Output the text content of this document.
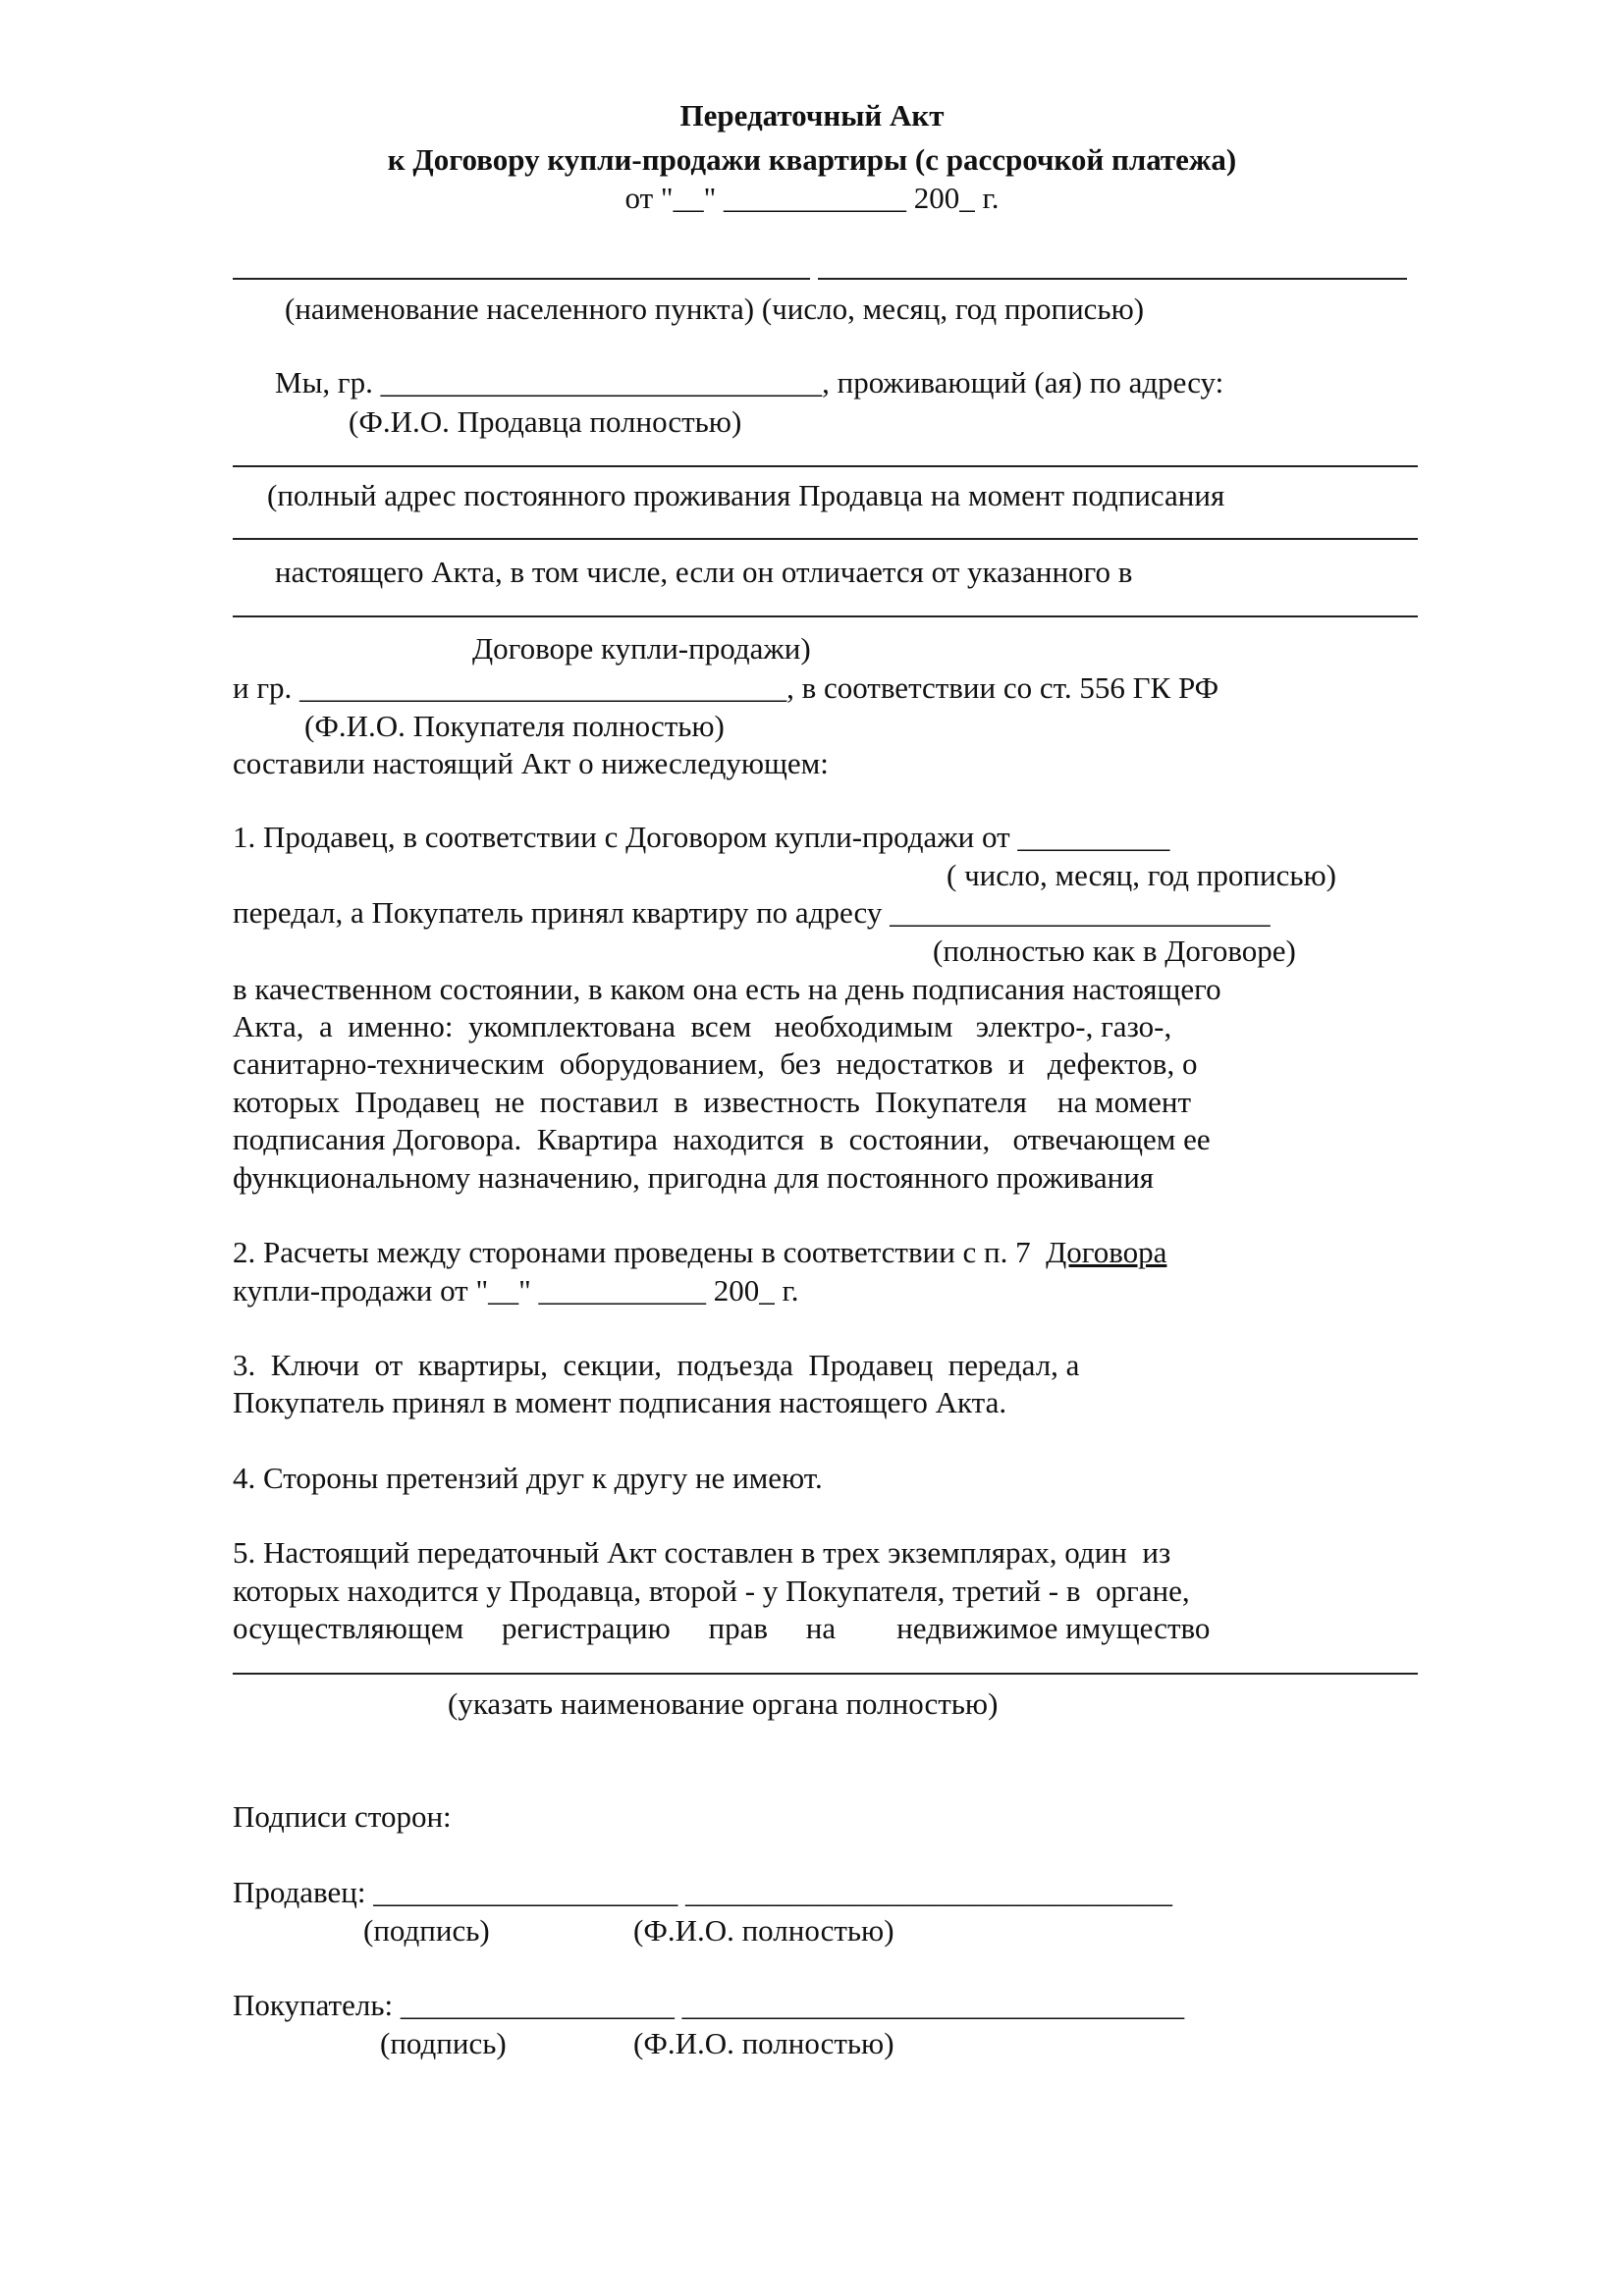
Передаточный Акт
к Договору купли-продажи квартиры (с рассрочкой платежа)
от "__" ____________ 200_ г.
(наименование населенного пункта) (число, месяц, год прописью)
Мы, гр. _____________________________, проживающий (ая) по адресу:
(Ф.И.О. Продавца полностью)
(полный адрес постоянного проживания Продавца на момент подписания
настоящего Акта, в том числе, если он отличается от указанного в
Договоре купли-продажи)
и гр. ________________________________, в соответствии со ст. 556 ГК РФ
(Ф.И.О. Покупателя полностью)
составили настоящий Акт о нижеследующем:
1. Продавец, в соответствии с Договором купли-продажи от __________
( число, месяц, год прописью)
передал, а Покупатель принял квартиру по адресу _________________________
(полностью как в Договоре)
в качественном состоянии, в каком она есть на день подписания настоящего
Акта,  а  именно:  укомплектована  всем   необходимым   электро-, газо-,
санитарно-техническим  оборудованием,  без  недостатков  и   дефектов, о
которых  Продавец  не  поставил  в  известность  Покупателя    на момент
подписания Договора.  Квартира  находится  в  состоянии,   отвечающем ее
функциональному назначению, пригодна для постоянного проживания
2. Расчеты между сторонами проведены в соответствии с п. 7  Договора
купли-продажи от "__" ___________ 200_ г.
3.  Ключи  от  квартиры,  секции,  подъезда  Продавец  передал, а
Покупатель принял в момент подписания настоящего Акта.
4. Стороны претензий друг к другу не имеют.
5. Настоящий передаточный Акт составлен в трех экземплярах, один  из
которых находится у Продавца, второй - у Покупателя, третий - в  органе,
осуществляющем     регистрацию     прав     на        недвижимое имущество
(указать наименование органа полностью)
Подписи сторон:
Продавец: ____________________ ________________________________
(подпись)	(Ф.И.О. полностью)
Покупатель: __________________ _________________________________
(подпись)	(Ф.И.О. полностью)
